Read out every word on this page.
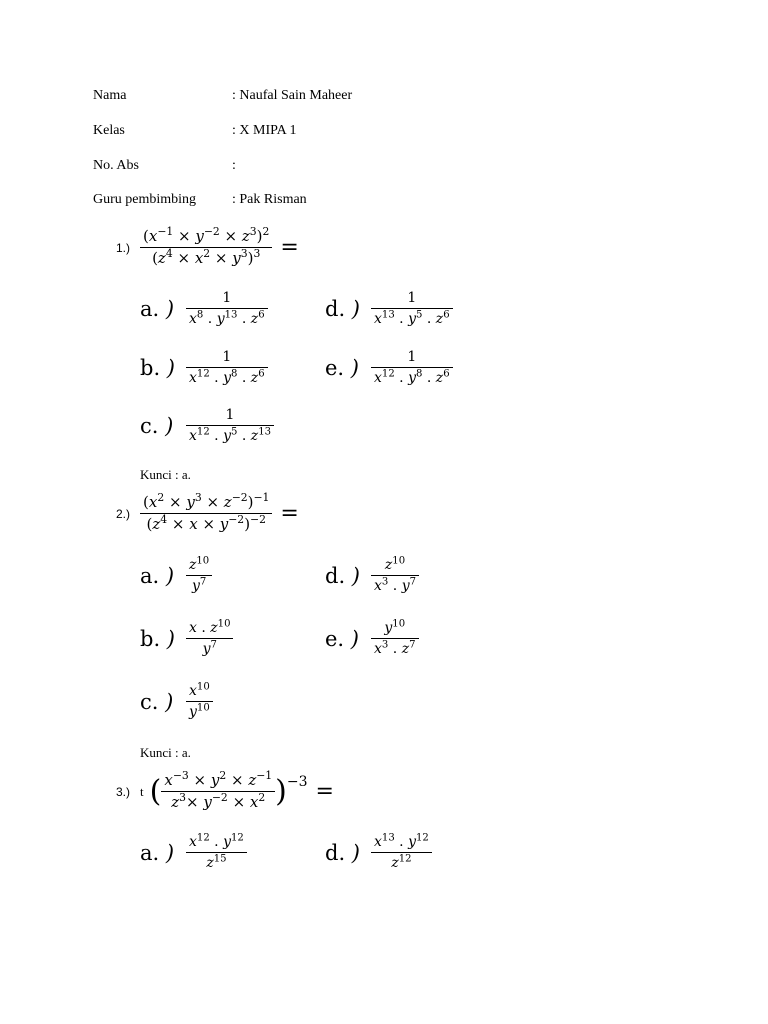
Nama	: Naufal Sain Maheer
Kelas	: X MIPA 1
No. Abs	:
Guru pembimbing	: Pak Risman
$1.) \frac{(x^{-1} \times y^{-2} \times z^3)^2}{(z^4 \times x^2 \times y^3)^3}$ =
a. ) $\frac{1}{x^8 . y^{13} . z^6}$	d. ) $\frac{1}{x^{13} . y^5 . z^6}$
b. ) $\frac{1}{x^{12} . y^8 . z^6}$	e. ) $\frac{1}{x^{12} . y^8 . z^6}$
c. ) $\frac{1}{x^{12} . y^5 . z^{13}}$
Kunci : a.
$2.) \frac{(x^2 \times y^3 \times z^{-2})^{-1}}{(z^4 \times x \times y^{-2})^{-2}}$ =
a. ) $\frac{z^{10}}{y^7}$	d. ) $\frac{z^{10}}{x^3 . y^7}$
b. ) $\frac{x . z^{10}}{y^7}$	e. ) $\frac{y^{10}}{x^3 . z^7}$
c. ) $\frac{x^{10}}{y^{10}}$
Kunci : a.
3.) t ( $\frac{x^{-3} \times y^2 \times z^{-1}}{z^3\times y^{-2} \times x^2}$ ) −3 =
a. ) $\frac{x^{12} . y^{12}}{z^{15}}$	d. ) $\frac{x^{13} . y^{12}}{z^{12}}$
